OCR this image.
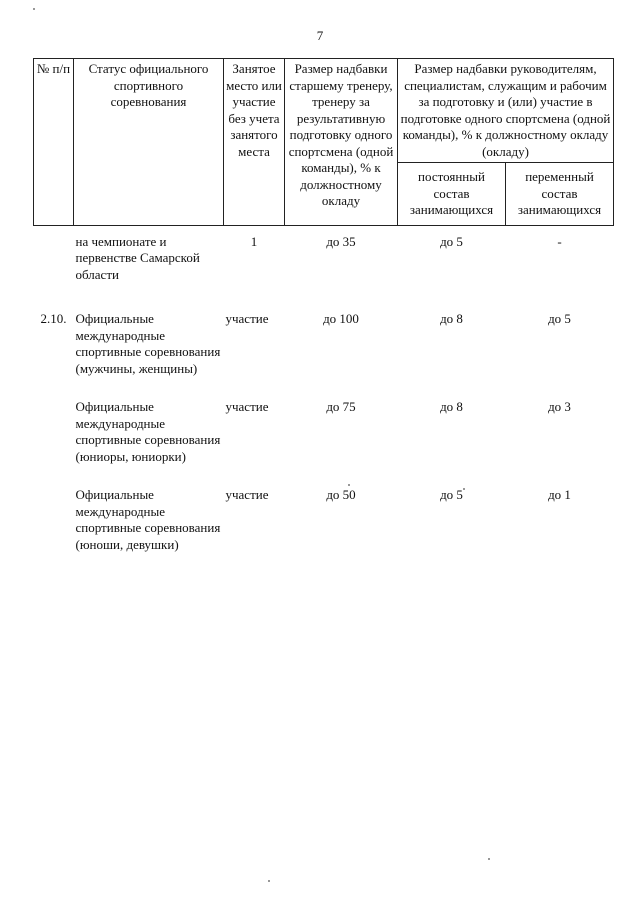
7
№ п/п	Статус официального спортивного соревнования	Занятое место или участие без учета занятого места	Размер надбавки старшему тренеру, тренеру за результативную подготовку одного спортсмена (одной команды), % к должностному окладу	Размер надбавки руководителям, специалистам, служащим и рабочим за подготовку и (или) участие в подготовке одного спортсмена (одной команды), % к должностному окладу (окладу)	
				постоянный состав занимающихся	переменный состав занимающихся
	на чемпионате и первенстве Самарской области	1	до 35	до 5	-
2.10.	Официальные международные спортивные соревнования (мужчины, женщины)	участие	до 100	до 8	до 5
	Официальные международные спортивные соревнования (юниоры, юниорки)	участие	до 75	до 8	до 3
	Официальные международные спортивные соревнования (юноши, девушки)	участие	до 50	до 5	до 1
